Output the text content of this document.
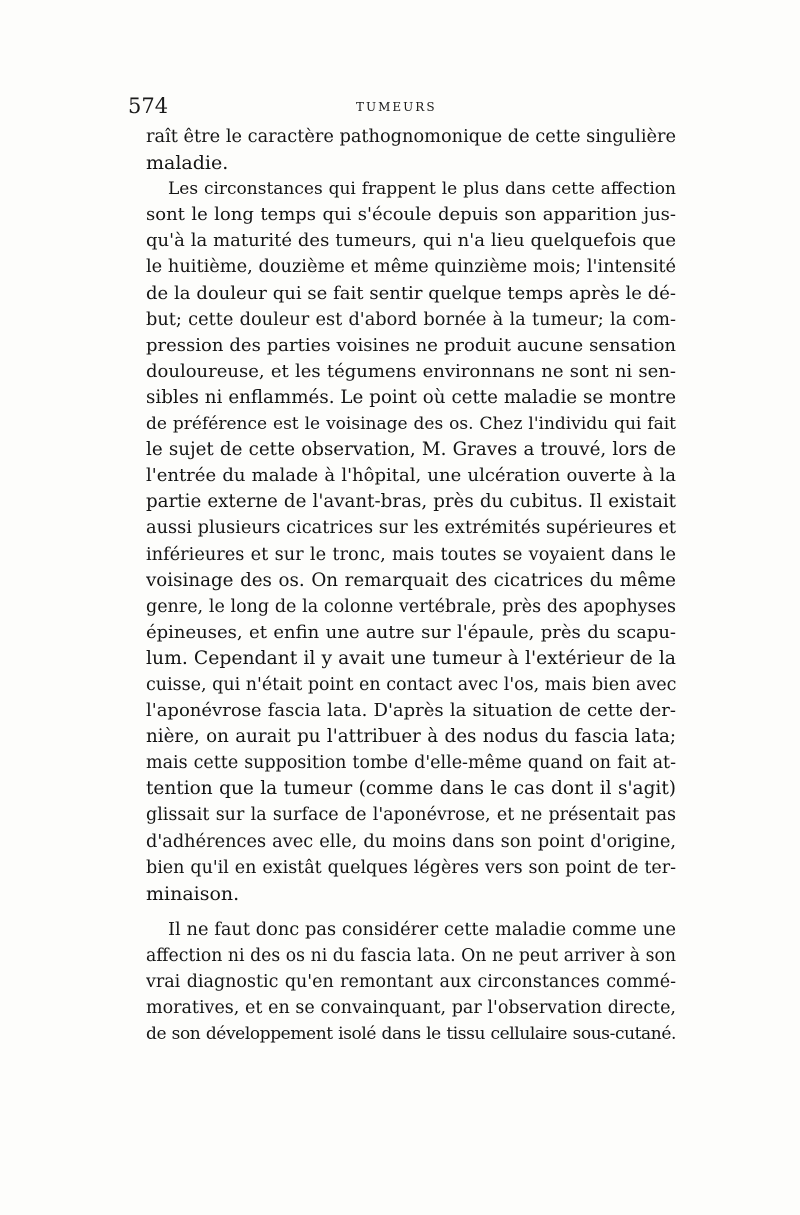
574	TUMEURS
raît être le caractère pathognomonique de cette singulière
maladie.
Les circonstances qui frappent le plus dans cette affection
sont le long temps qui s'écoule depuis son apparition jus-
qu'à la maturité des tumeurs, qui n'a lieu quelquefois que
le huitième, douzième et même quinzième mois; l'intensité
de la douleur qui se fait sentir quelque temps après le dé-
but; cette douleur est d'abord bornée à la tumeur; la com-
pression des parties voisines ne produit aucune sensation
douloureuse, et les tégumens environnans ne sont ni sen-
sibles ni enflammés. Le point où cette maladie se montre
de préférence est le voisinage des os. Chez l'individu qui fait
le sujet de cette observation, M. Graves a trouvé, lors de
l'entrée du malade à l'hôpital, une ulcération ouverte à la
partie externe de l'avant-bras, près du cubitus. Il existait
aussi plusieurs cicatrices sur les extrémités supérieures et
inférieures et sur le tronc, mais toutes se voyaient dans le
voisinage des os. On remarquait des cicatrices du même
genre, le long de la colonne vertébrale, près des apophyses
épineuses, et enfin une autre sur l'épaule, près du scapu-
lum. Cependant il y avait une tumeur à l'extérieur de la
cuisse, qui n'était point en contact avec l'os, mais bien avec
l'aponévrose fascia lata. D'après la situation de cette der-
nière, on aurait pu l'attribuer à des nodus du fascia lata;
mais cette supposition tombe d'elle-même quand on fait at-
tention que la tumeur (comme dans le cas dont il s'agit)
glissait sur la surface de l'aponévrose, et ne présentait pas
d'adhérences avec elle, du moins dans son point d'origine,
bien qu'il en existât quelques légères vers son point de ter-
minaison.
Il ne faut donc pas considérer cette maladie comme une
affection ni des os ni du fascia lata. On ne peut arriver à son
vrai diagnostic qu'en remontant aux circonstances commé-
moratives, et en se convainquant, par l'observation directe,
de son développement isolé dans le tissu cellulaire sous-cutané.
